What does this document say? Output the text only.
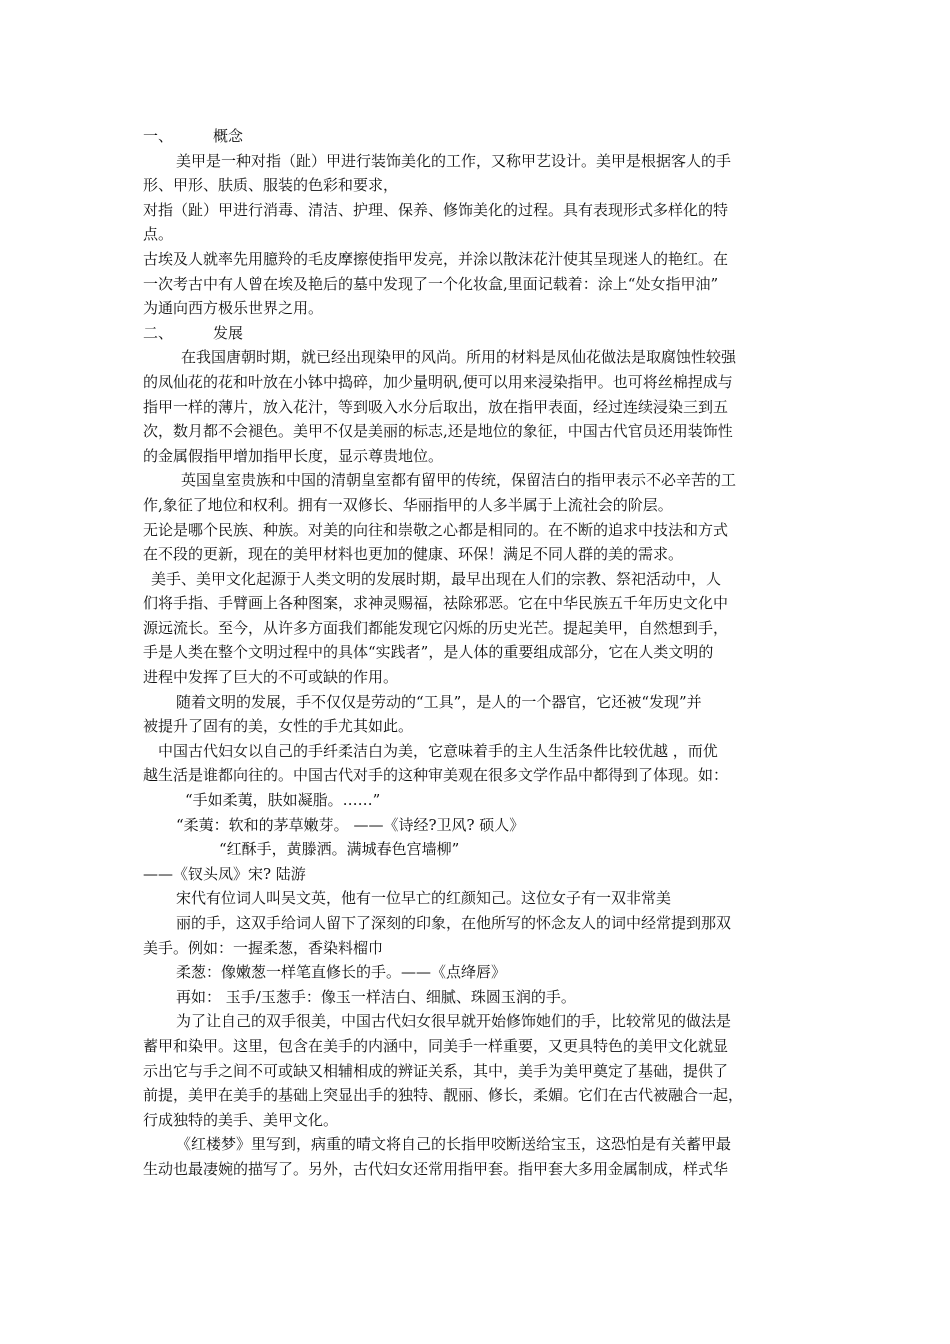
一、	概念
美甲是一种对指（趾）甲进行装饰美化的工作，又称甲艺设计。美甲是根据客人的手
形、甲形、肤质、服装的色彩和要求，
对指（趾）甲进行消毒、清洁、护理、保养、修饰美化的过程。具有表现形式多样化的特
点。
古埃及人就率先用臆羚的毛皮摩擦使指甲发亮，并涂以散沫花汁使其呈现迷人的艳红。在
一次考古中有人曾在埃及艳后的墓中发现了一个化妆盒,里面记载着：涂上“处女指甲油”
为通向西方极乐世界之用。
二、	发展
在我国唐朝时期，就已经出现染甲的风尚。所用的材料是凤仙花做法是取腐蚀性较强
的凤仙花的花和叶放在小钵中捣碎，加少量明矾,便可以用来浸染指甲。也可将丝棉捏成与
指甲一样的薄片，放入花汁，等到吸入水分后取出，放在指甲表面，经过连续浸染三到五
次，数月都不会褪色。美甲不仅是美丽的标志,还是地位的象征，中国古代官员还用装饰性
的金属假指甲增加指甲长度，显示尊贵地位。
英国皇室贵族和中国的清朝皇室都有留甲的传统，保留洁白的指甲表示不必辛苦的工
作,象征了地位和权利。拥有一双修长、华丽指甲的人多半属于上流社会的阶层。
无论是哪个民族、种族。对美的向往和崇敬之心都是相同的。在不断的追求中技法和方式
在不段的更新，现在的美甲材料也更加的健康、环保！满足不同人群的美的需求。
美手、美甲文化起源于人类文明的发展时期，最早出现在人们的宗教、祭祀活动中，人
们将手指、手臂画上各种图案，求神灵赐福，祛除邪恶。它在中华民族五千年历史文化中
源远流长。至今，从许多方面我们都能发现它闪烁的历史光芒。提起美甲，自然想到手，
手是人类在整个文明过程中的具体“实践者”，是人体的重要组成部分，它在人类文明的
进程中发挥了巨大的不可或缺的作用。
随着文明的发展，手不仅仅是劳动的“工具”，是人的一个器官，它还被“发现”并
被提升了固有的美，女性的手尤其如此。
中国古代妇女以自己的手纤柔洁白为美，它意味着手的主人生活条件比较优越 ，而优
越生活是谁都向往的。中国古代对手的这种审美观在很多文学作品中都得到了体现。如：
“手如柔荑，肤如凝脂。……”
“柔荑：软和的茅草嫩芽。 ——《诗经?卫风? 硕人》
“红酥手，黄滕洒。满城春色宫墙柳”
——《钗头凤》宋? 陆游
宋代有位词人叫吴文英，他有一位早亡的红颜知己。这位女子有一双非常美
丽的手，这双手给词人留下了深刻的印象，在他所写的怀念友人的词中经常提到那双
美手。例如：一握柔葱，香染料榴巾
柔葱：像嫩葱一样笔直修长的手。——《点绛唇》
再如： 玉手/玉葱手：像玉一样洁白、细腻、珠圆玉润的手。
为了让自己的双手很美，中国古代妇女很早就开始修饰她们的手，比较常见的做法是
蓄甲和染甲。这里，包含在美手的内涵中，同美手一样重要，又更具特色的美甲文化就显
示出它与手之间不可或缺又相辅相成的辨证关系，其中，美手为美甲奠定了基础，提供了
前提，美甲在美手的基础上突显出手的独特、靓丽、修长，柔媚。它们在古代被融合一起，
行成独特的美手、美甲文化。
《红楼梦》里写到，病重的晴文将自己的长指甲咬断送给宝玉，这恐怕是有关蓄甲最
生动也最凄婉的描写了。另外，古代妇女还常用指甲套。指甲套大多用金属制成，样式华
